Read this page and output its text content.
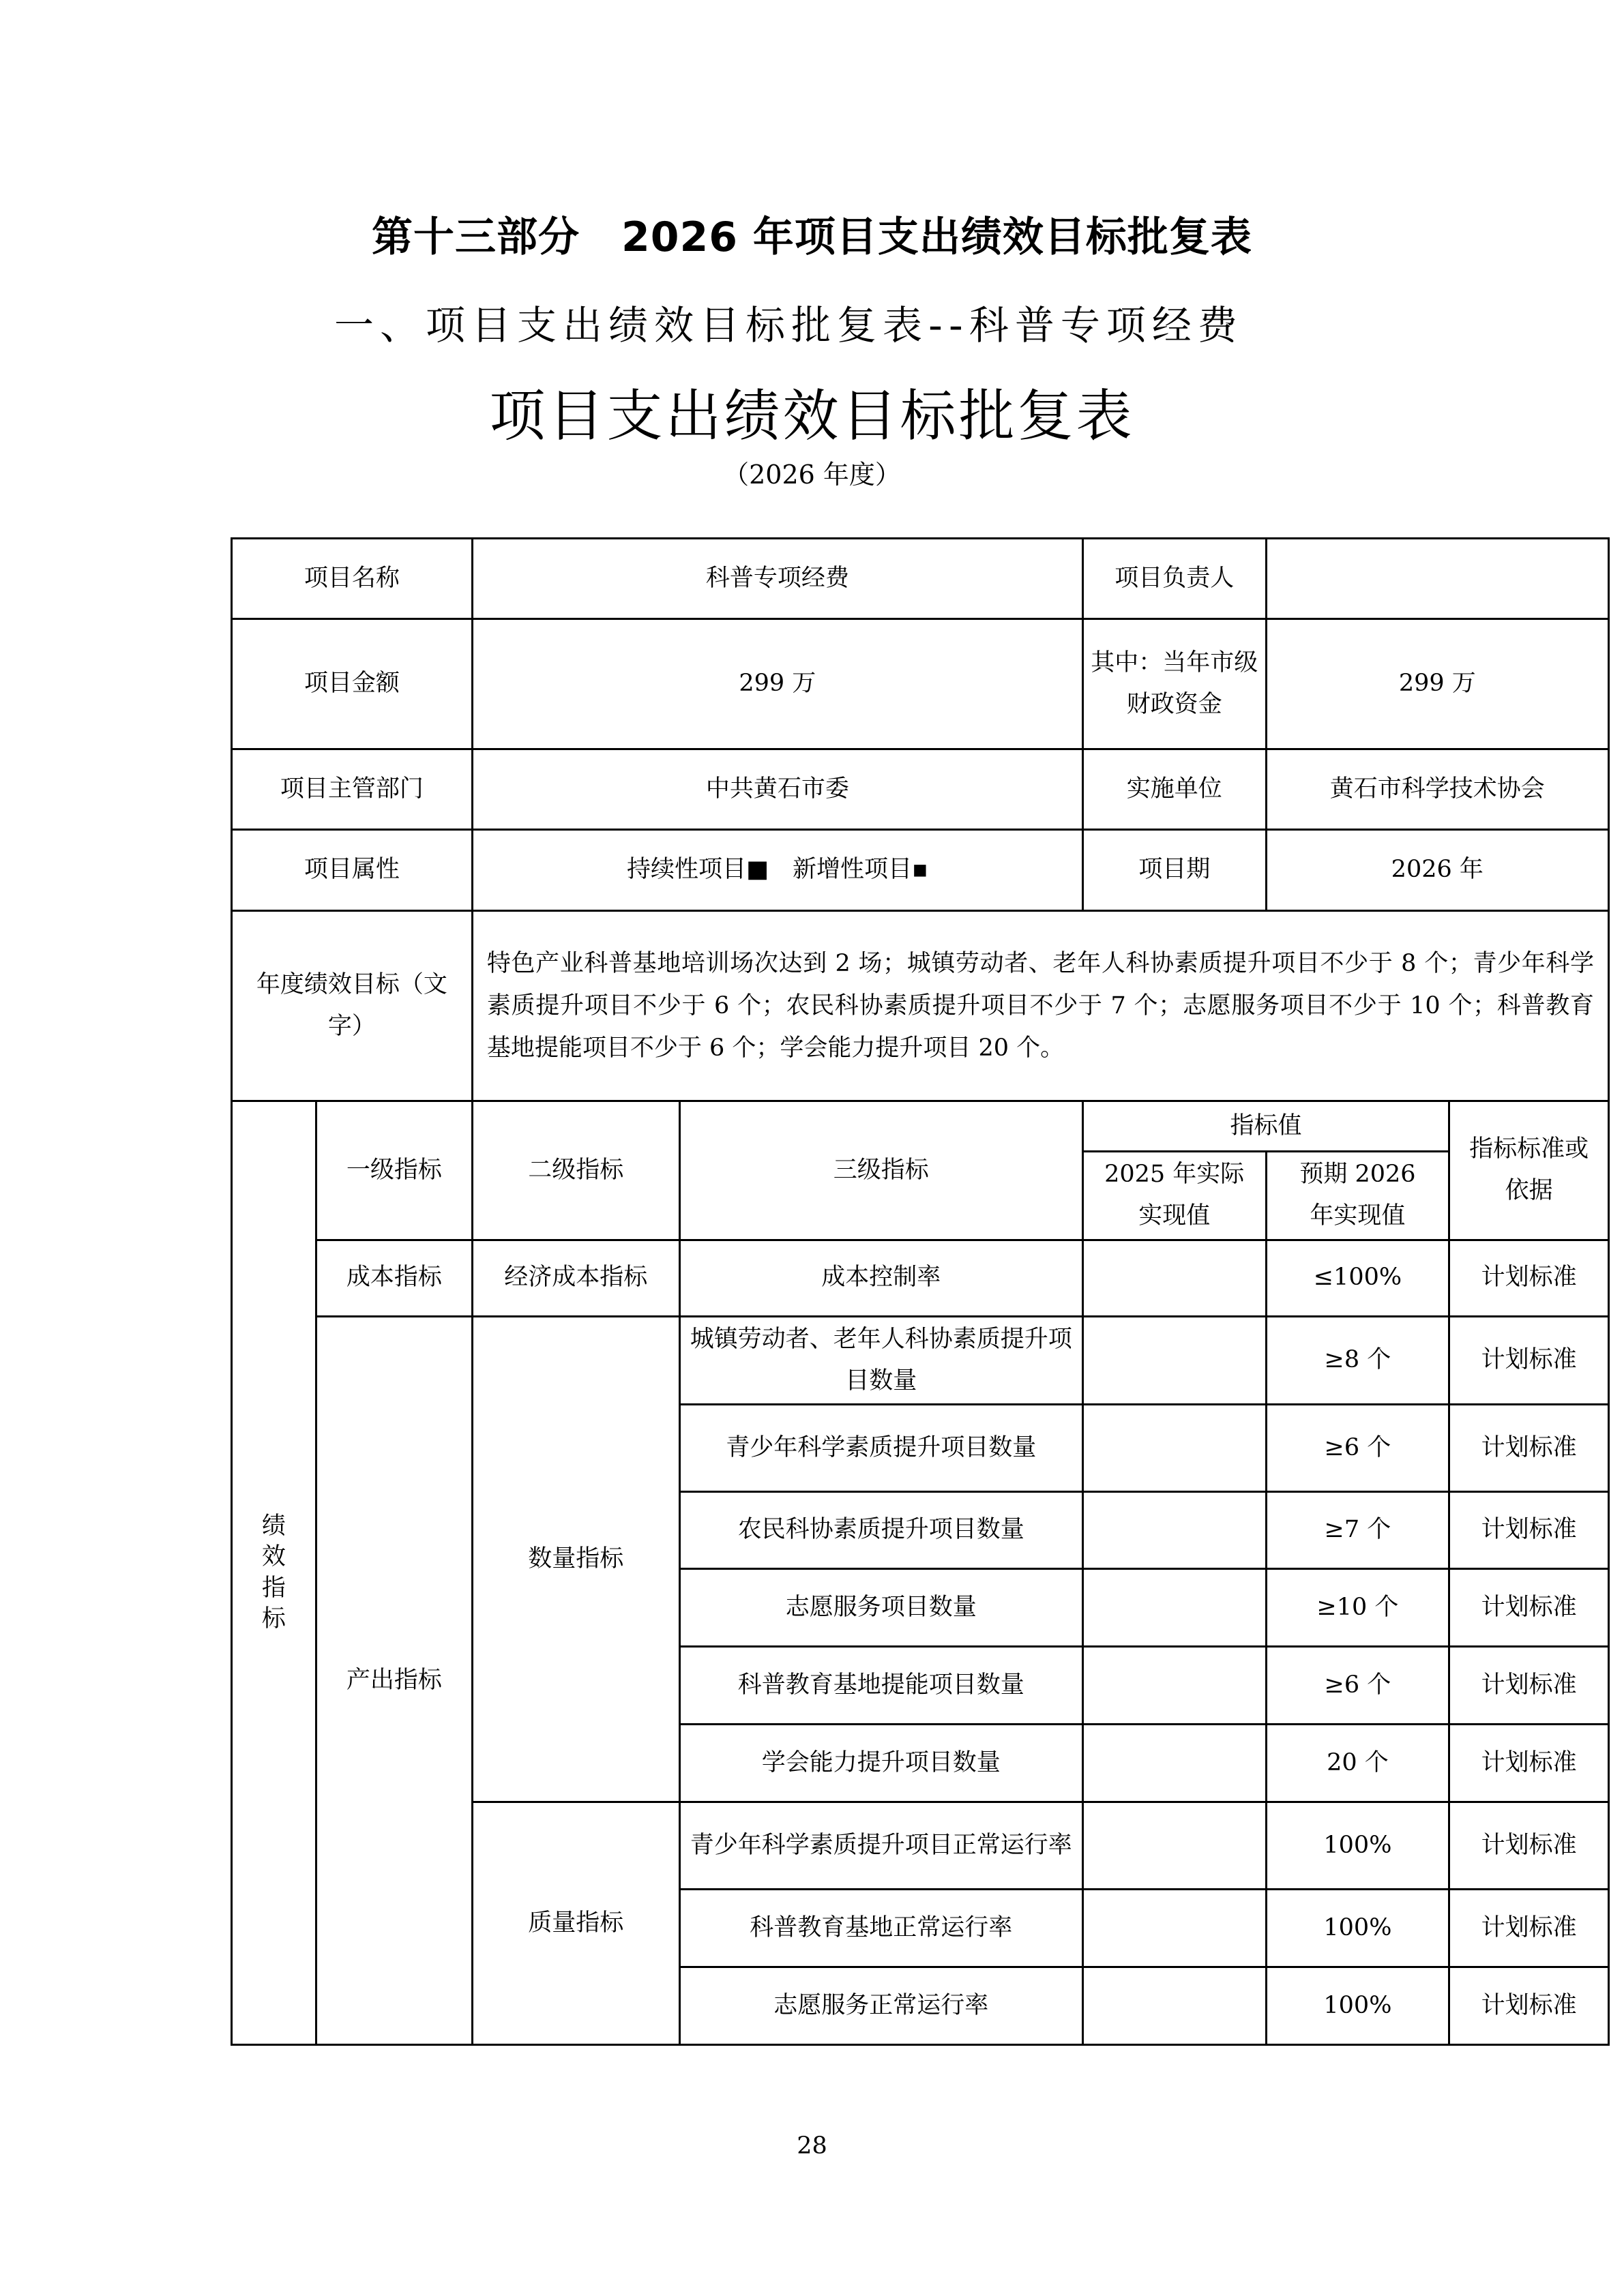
第十三部分　2026 年项目支出绩效目标批复表
一、项目支出绩效目标批复表--科普专项经费
项目支出绩效目标批复表
（2026 年度）
项目名称		科普专项经费		项目负责人		
项目金额		299 万		其中：当年市级财政资金	299 万	
项目主管部门		中共黄石市委		实施单位	黄石市科学技术协会	
项目属性		持续性项目■　新增性项目▪		项目期	2026 年	
年度绩效目标（文字）		特色产业科普基地培训场次达到 2 场；城镇劳动者、老年人科协素质提升项目不少于 8 个；青少年科学素质提升项目不少于 6 个；农民科协素质提升项目不少于 7 个；志愿服务项目不少于 10 个；科普教育基地提能项目不少于 6 个；学会能力提升项目 20 个。				

绩效指标	一级指标	二级指标	三级指标	指标值		指标标准或依据
				2025 年实际实现值	预期 2026 年实现值	
	成本指标	经济成本指标	成本控制率		≤100%	计划标准
	产出指标	数量指标	城镇劳动者、老年人科协素质提升项目数量		≥8 个	计划标准
			青少年科学素质提升项目数量		≥6 个	计划标准
			农民科协素质提升项目数量		≥7 个	计划标准
			志愿服务项目数量		≥10 个	计划标准
			科普教育基地提能项目数量		≥6 个	计划标准
			学会能力提升项目数量		20 个	计划标准
		质量指标	青少年科学素质提升项目正常运行率		100%	计划标准
			科普教育基地正常运行率		100%	计划标准
			志愿服务正常运行率		100%	计划标准
28
